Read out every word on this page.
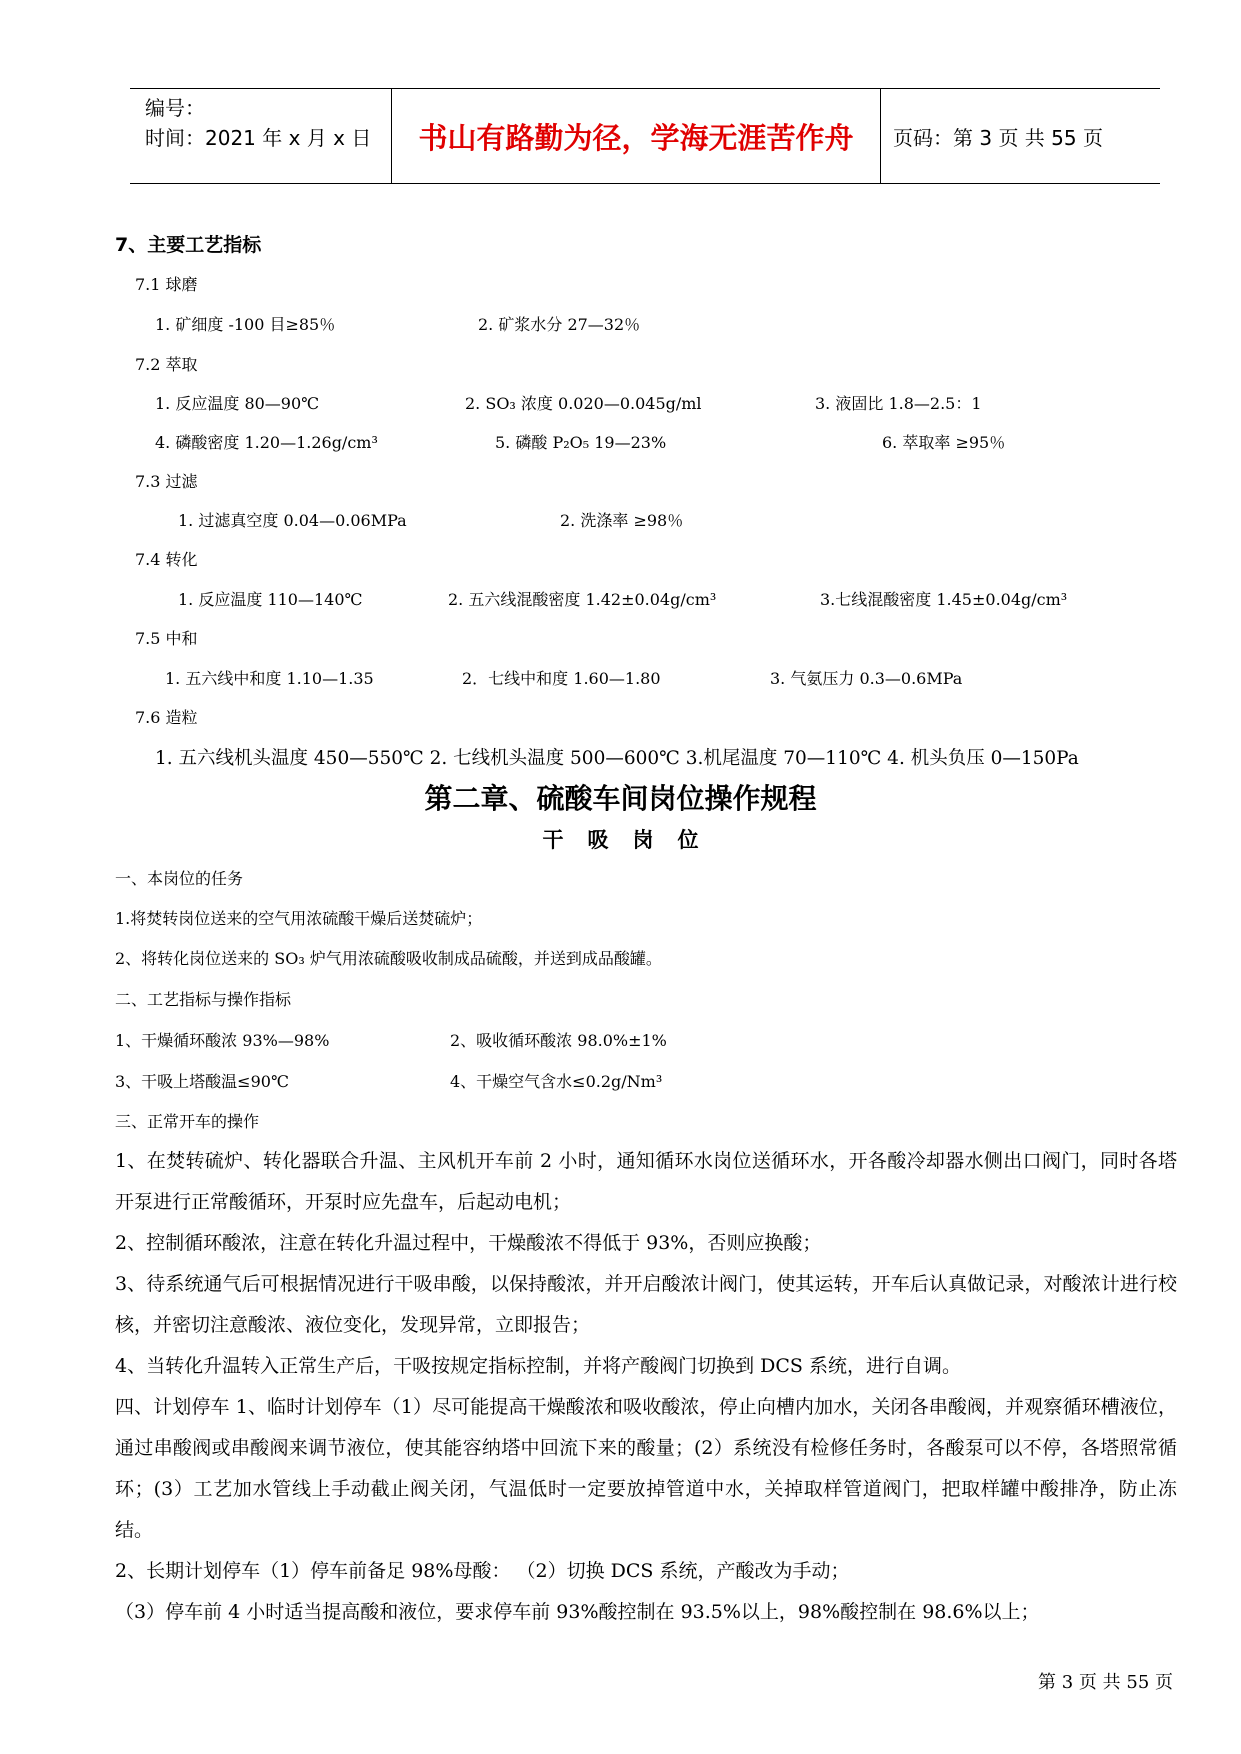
编号：
时间：2021 年 x 月 x 日	书山有路勤为径，学海无涯苦作舟	页码：第 3 页 共 55 页
7、主要工艺指标
7.1 球磨
1. 矿细度 -100 目≥85％	2. 矿浆水分 27—32％
7.2 萃取
1. 反应温度 80—90℃	2. SO₃ 浓度 0.020—0.045g/ml	3. 液固比 1.8—2.5：1
4. 磷酸密度 1.20—1.26g/cm³	5. 磷酸 P₂O₅ 19—23%	6. 萃取率 ≥95％
7.3 过滤
1. 过滤真空度 0.04—0.06MPa	2. 洗涤率 ≥98％
7.4 转化
1. 反应温度 110—140℃	2. 五六线混酸密度 1.42±0.04g/cm³	3.七线混酸密度 1.45±0.04g/cm³
7.5 中和
1. 五六线中和度 1.10—1.35	2．七线中和度 1.60—1.80	3. 气氨压力 0.3—0.6MPa
7.6 造粒
1. 五六线机头温度 450—550℃ 2. 七线机头温度 500—600℃ 3.机尾温度 70—110℃ 4. 机头负压 0—150Pa
第二章、硫酸车间岗位操作规程
干吸岗位
一、本岗位的任务
1.将焚转岗位送来的空气用浓硫酸干燥后送焚硫炉；
2、将转化岗位送来的 SO₃ 炉气用浓硫酸吸收制成品硫酸，并送到成品酸罐。
二、工艺指标与操作指标
1、干燥循环酸浓 93%—98%	2、吸收循环酸浓 98.0%±1%
3、干吸上塔酸温≤90℃	4、干燥空气含水≤0.2g/Nm³
三、正常开车的操作
1、在焚转硫炉、转化器联合升温、主风机开车前 2 小时，通知循环水岗位送循环水，开各酸冷却器水侧出口阀门，同时各塔开泵进行正常酸循环，开泵时应先盘车，后起动电机；
2、控制循环酸浓，注意在转化升温过程中，干燥酸浓不得低于 93%，否则应换酸；
3、待系统通气后可根据情况进行干吸串酸，以保持酸浓，并开启酸浓计阀门，使其运转，开车后认真做记录，对酸浓计进行校核，并密切注意酸浓、液位变化，发现异常，立即报告；
4、当转化升温转入正常生产后，干吸按规定指标控制，并将产酸阀门切换到 DCS 系统，进行自调。
四、计划停车 1、临时计划停车（1）尽可能提高干燥酸浓和吸收酸浓，停止向槽内加水，关闭各串酸阀，并观察循环槽液位，通过串酸阀或串酸阀来调节液位，使其能容纳塔中回流下来的酸量；(2）系统没有检修任务时，各酸泵可以不停，各塔照常循环；(3）工艺加水管线上手动截止阀关闭，气温低时一定要放掉管道中水，关掉取样管道阀门，把取样罐中酸排净，防止冻结。
2、长期计划停车（1）停车前备足 98%母酸： （2）切换 DCS 系统，产酸改为手动；
（3）停车前 4 小时适当提高酸和液位，要求停车前 93%酸控制在 93.5%以上，98%酸控制在 98.6%以上；
第 3 页 共 55 页
